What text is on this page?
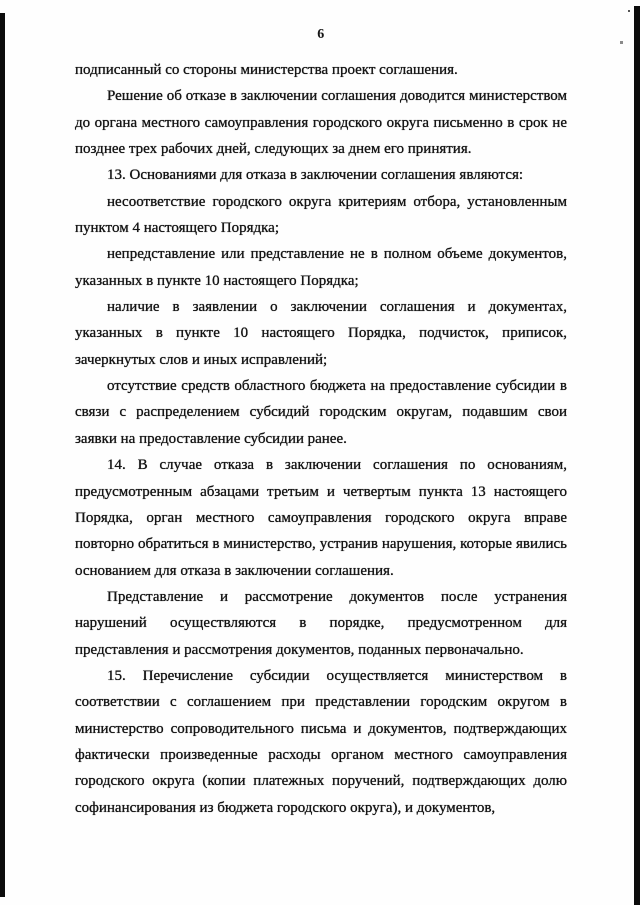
6

подписанный со стороны министерства проект соглашения.

Решение об отказе в заключении соглашения доводится министерством до органа местного самоуправления городского округа письменно в срок не позднее трех рабочих дней, следующих за днем его принятия.

13. Основаниями для отказа в заключении соглашения являются:

несоответствие городского округа критериям отбора, установленным пунктом 4 настоящего Порядка;

непредставление или представление не в полном объеме документов, указанных в пункте 10 настоящего Порядка;

наличие в заявлении о заключении соглашения и документах, указанных в пункте 10 настоящего Порядка, подчисток, приписок, зачеркнутых слов и иных исправлений;

отсутствие средств областного бюджета на предоставление субсидии в связи с распределением субсидий городским округам, подавшим свои заявки на предоставление субсидии ранее.

14. В случае отказа в заключении соглашения по основаниям, предусмотренным абзацами третьим и четвертым пункта 13 настоящего Порядка, орган местного самоуправления городского округа вправе повторно обратиться в министерство, устранив нарушения, которые явились основанием для отказа в заключении соглашения.

Представление и рассмотрение документов после устранения нарушений осуществляются в порядке, предусмотренном для представления и рассмотрения документов, поданных первоначально.

15. Перечисление субсидии осуществляется министерством в соответствии с соглашением при представлении городским округом в министерство сопроводительного письма и документов, подтверждающих фактически произведенные расходы органом местного самоуправления городского округа (копии платежных поручений, подтверждающих долю софинансирования из бюджета городского округа), и документов,
